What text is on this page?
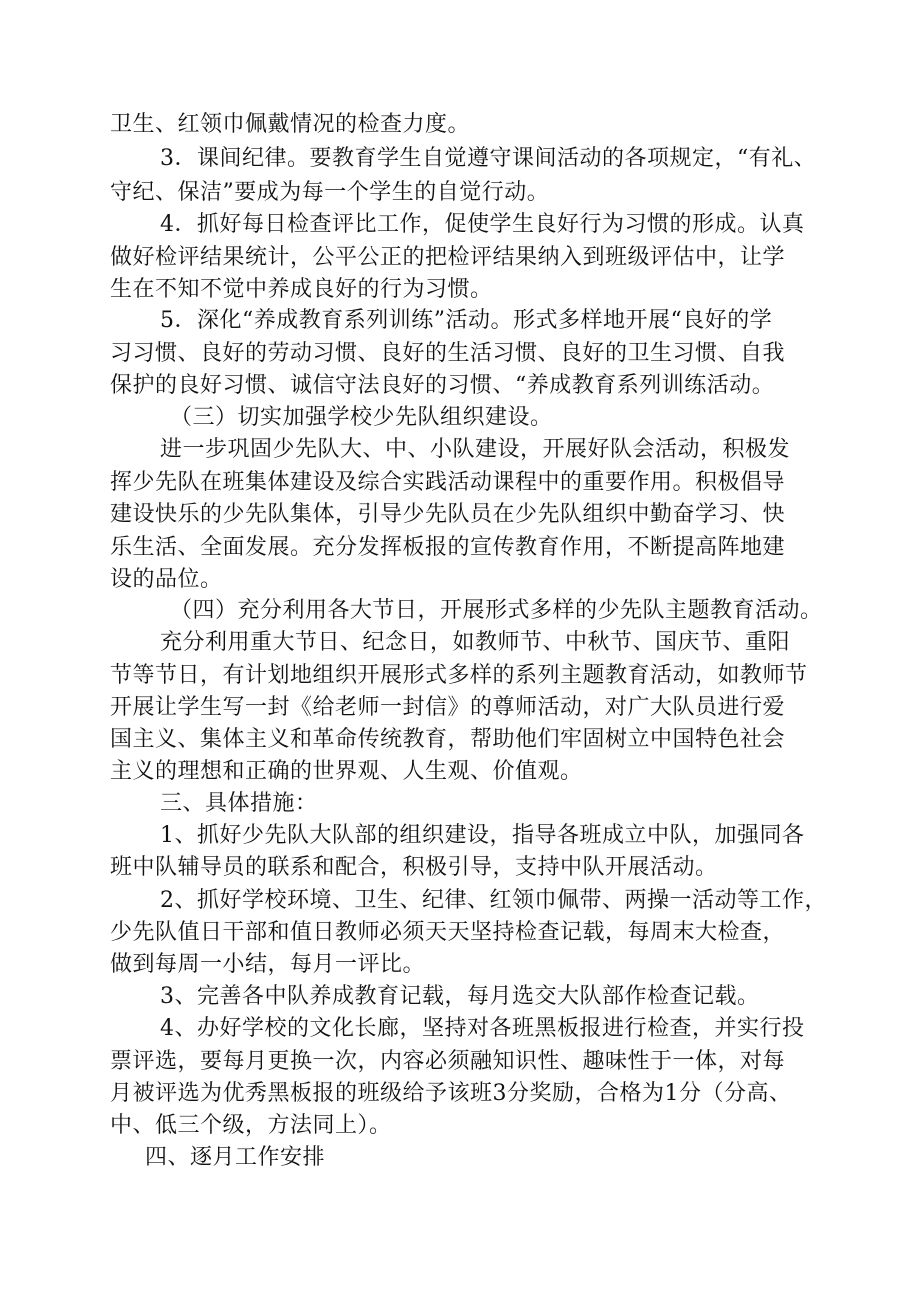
卫生、红领巾佩戴情况的检查力度。
3．课间纪律。要教育学生自觉遵守课间活动的各项规定，“有礼、
守纪、保洁”要成为每一个学生的自觉行动。
4．抓好每日检查评比工作，促使学生良好行为习惯的形成。认真
做好检评结果统计，公平公正的把检评结果纳入到班级评估中，让学
生在不知不觉中养成良好的行为习惯。
5．深化“养成教育系列训练”活动。形式多样地开展“良好的学
习习惯、良好的劳动习惯、良好的生活习惯、良好的卫生习惯、自我
保护的良好习惯、诚信守法良好的习惯、“养成教育系列训练活动。
（三）切实加强学校少先队组织建设。
进一步巩固少先队大、中、小队建设，开展好队会活动，积极发
挥少先队在班集体建设及综合实践活动课程中的重要作用。积极倡导
建设快乐的少先队集体，引导少先队员在少先队组织中勤奋学习、快
乐生活、全面发展。充分发挥板报的宣传教育作用，不断提高阵地建
设的品位。
（四）充分利用各大节日，开展形式多样的少先队主题教育活动。
充分利用重大节日、纪念日，如教师节、中秋节、国庆节、重阳
节等节日，有计划地组织开展形式多样的系列主题教育活动，如教师节
开展让学生写一封《给老师一封信》的尊师活动，对广大队员进行爱
国主义、集体主义和革命传统教育，帮助他们牢固树立中国特色社会
主义的理想和正确的世界观、人生观、价值观。
三、具体措施：
1、抓好少先队大队部的组织建设，指导各班成立中队，加强同各
班中队辅导员的联系和配合，积极引导，支持中队开展活动。
2、抓好学校环境、卫生、纪律、红领巾佩带、两操一活动等工作，
少先队值日干部和值日教师必须天天坚持检查记载，每周末大检查，
做到每周一小结，每月一评比。
3、完善各中队养成教育记载，每月选交大队部作检查记载。
4、办好学校的文化长廊，坚持对各班黑板报进行检查，并实行投
票评选，要每月更换一次，内容必须融知识性、趣味性于一体，对每
月被评选为优秀黑板报的班级给予该班3分奖励，合格为1分（分高、
中、低三个级，方法同上）。
四、逐月工作安排
